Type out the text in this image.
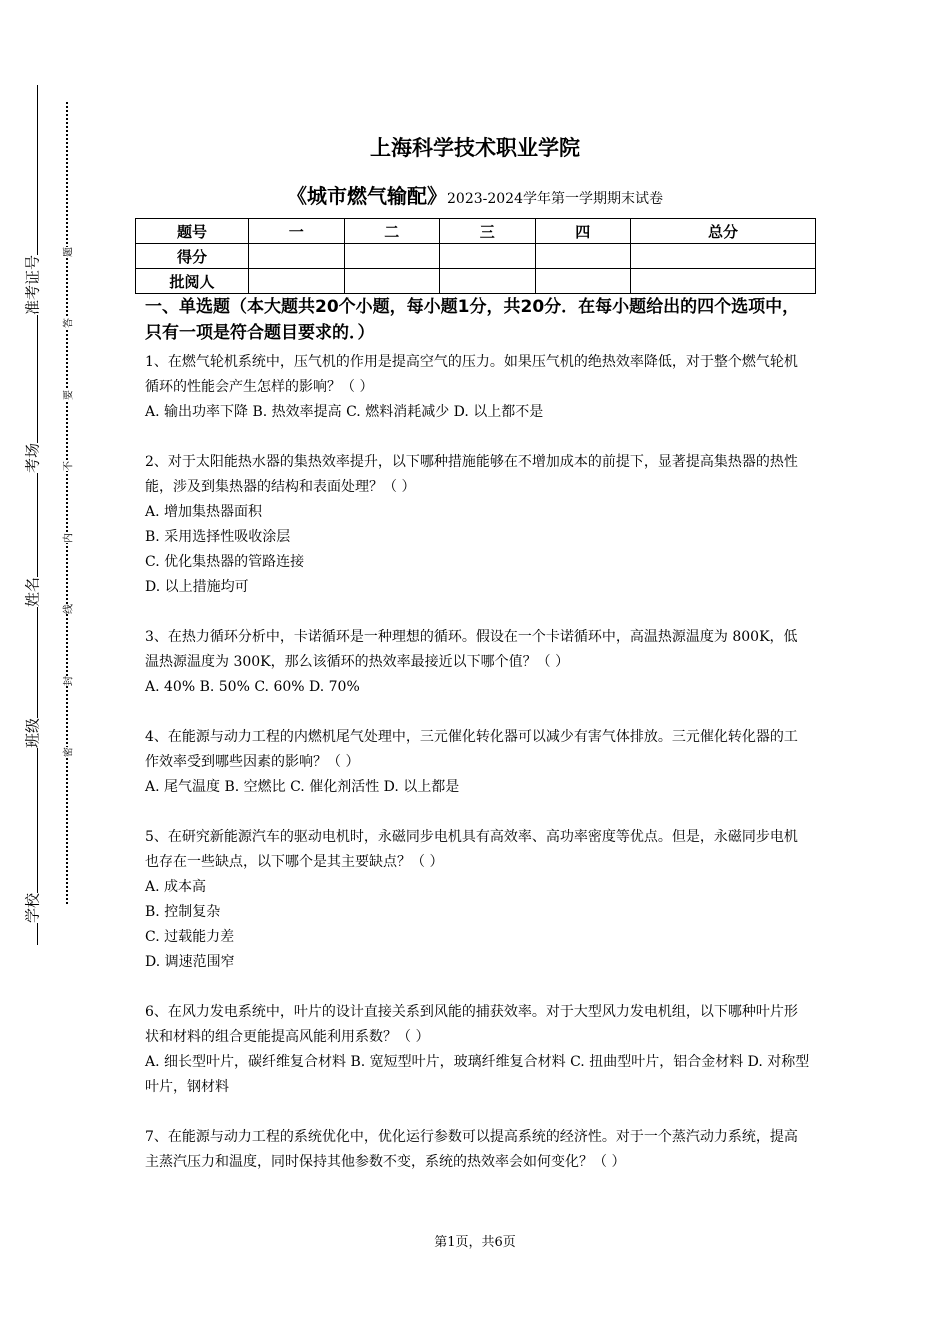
准考证号
考场
姓名
班级
学校
题
答
要
不
内
线
封
密
上海科学技术职业学院
《城市燃气输配》2023-2024学年第一学期期末试卷
题号	一	二	三	四	总分
得分					
批阅人					
一、单选题（本大题共20个小题，每小题1分，共20分．在每小题给出的四个选项中，只有一项是符合题目要求的．）
1、在燃气轮机系统中，压气机的作用是提高空气的压力。如果压气机的绝热效率降低，对于整个燃气轮机循环的性能会产生怎样的影响？（ ）
A. 输出功率下降 B. 热效率提高 C. 燃料消耗减少 D. 以上都不是
2、对于太阳能热水器的集热效率提升，以下哪种措施能够在不增加成本的前提下，显著提高集热器的热性能，涉及到集热器的结构和表面处理？（ ）
A. 增加集热器面积
B. 采用选择性吸收涂层
C. 优化集热器的管路连接
D. 以上措施均可
3、在热力循环分析中，卡诺循环是一种理想的循环。假设在一个卡诺循环中，高温热源温度为 800K，低温热源温度为 300K，那么该循环的热效率最接近以下哪个值？（ ）
A. 40% B. 50% C. 60% D. 70%
4、在能源与动力工程的内燃机尾气处理中，三元催化转化器可以减少有害气体排放。三元催化转化器的工作效率受到哪些因素的影响？（ ）
A. 尾气温度 B. 空燃比 C. 催化剂活性 D. 以上都是
5、在研究新能源汽车的驱动电机时，永磁同步电机具有高效率、高功率密度等优点。但是，永磁同步电机也存在一些缺点，以下哪个是其主要缺点？（ ）
A. 成本高
B. 控制复杂
C. 过载能力差
D. 调速范围窄
6、在风力发电系统中，叶片的设计直接关系到风能的捕获效率。对于大型风力发电机组，以下哪种叶片形状和材料的组合更能提高风能利用系数？（ ）
A. 细长型叶片，碳纤维复合材料 B. 宽短型叶片，玻璃纤维复合材料 C. 扭曲型叶片，铝合金材料 D. 对称型叶片，钢材料
7、在能源与动力工程的系统优化中，优化运行参数可以提高系统的经济性。对于一个蒸汽动力系统，提高主蒸汽压力和温度，同时保持其他参数不变，系统的热效率会如何变化？（ ）
第1页，共6页
